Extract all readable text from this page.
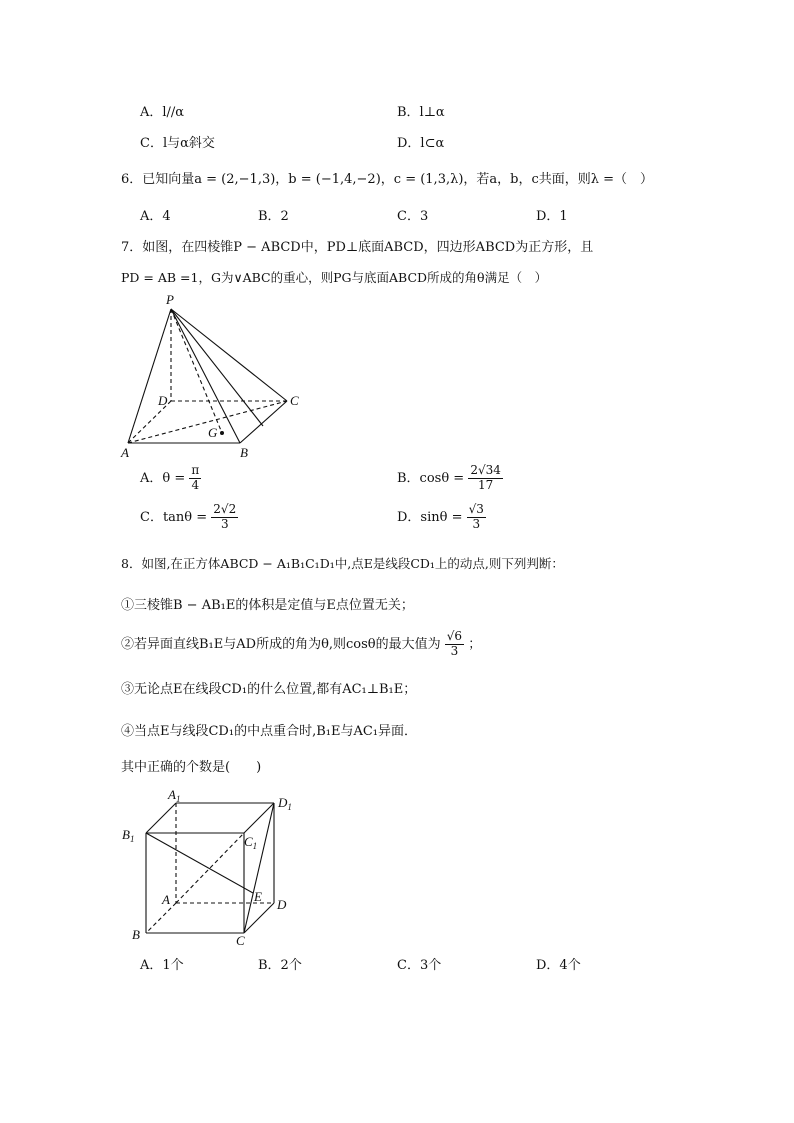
A．l//α	B．l⊥α
C．l与α斜交	D．l⊂α
6．已知向量a = (2,−1,3)，b = (−1,4,−2)，c = (1,3,λ)，若a，b，c共面，则λ =（　）
A．4	B．2	C．3	D．1
7．如图，在四棱锥P − ABCD中，PD⊥底面ABCD，四边形ABCD为正方形，且
PD = AB =1，G为∨ABC的重心，则PG与底面ABCD所成的角θ满足（　）
P
D	C
A	B
G
A．$\theta = \frac{\pi}{4}$	B．$\cos\theta = \frac{2√34}{17}$
C．$\tan\theta = \frac{2√2}{3}$	D．$\sin\theta = \frac{√3}{3}$
8．如图,在正方体ABCD − A₁B₁C₁D₁中,点E是线段CD₁上的动点,则下列判断：
①三棱锥B − AB₁E的体积是定值与E点位置无关；
②若异面直线B₁E与AD所成的角为θ,则cosθ的最大值为 $\frac{√6}{3}$ ；
③无论点E在线段CD₁的什么位置,都有AC₁⊥B₁E；
④当点E与线段CD₁的中点重合时,B₁E与AC₁异面．
其中正确的个数是(　　)
$A_1$	$D_1$
$B_1$	$C_1$
A	E
D
B	C
A．1个	B．2个	C．3个	D．4个
